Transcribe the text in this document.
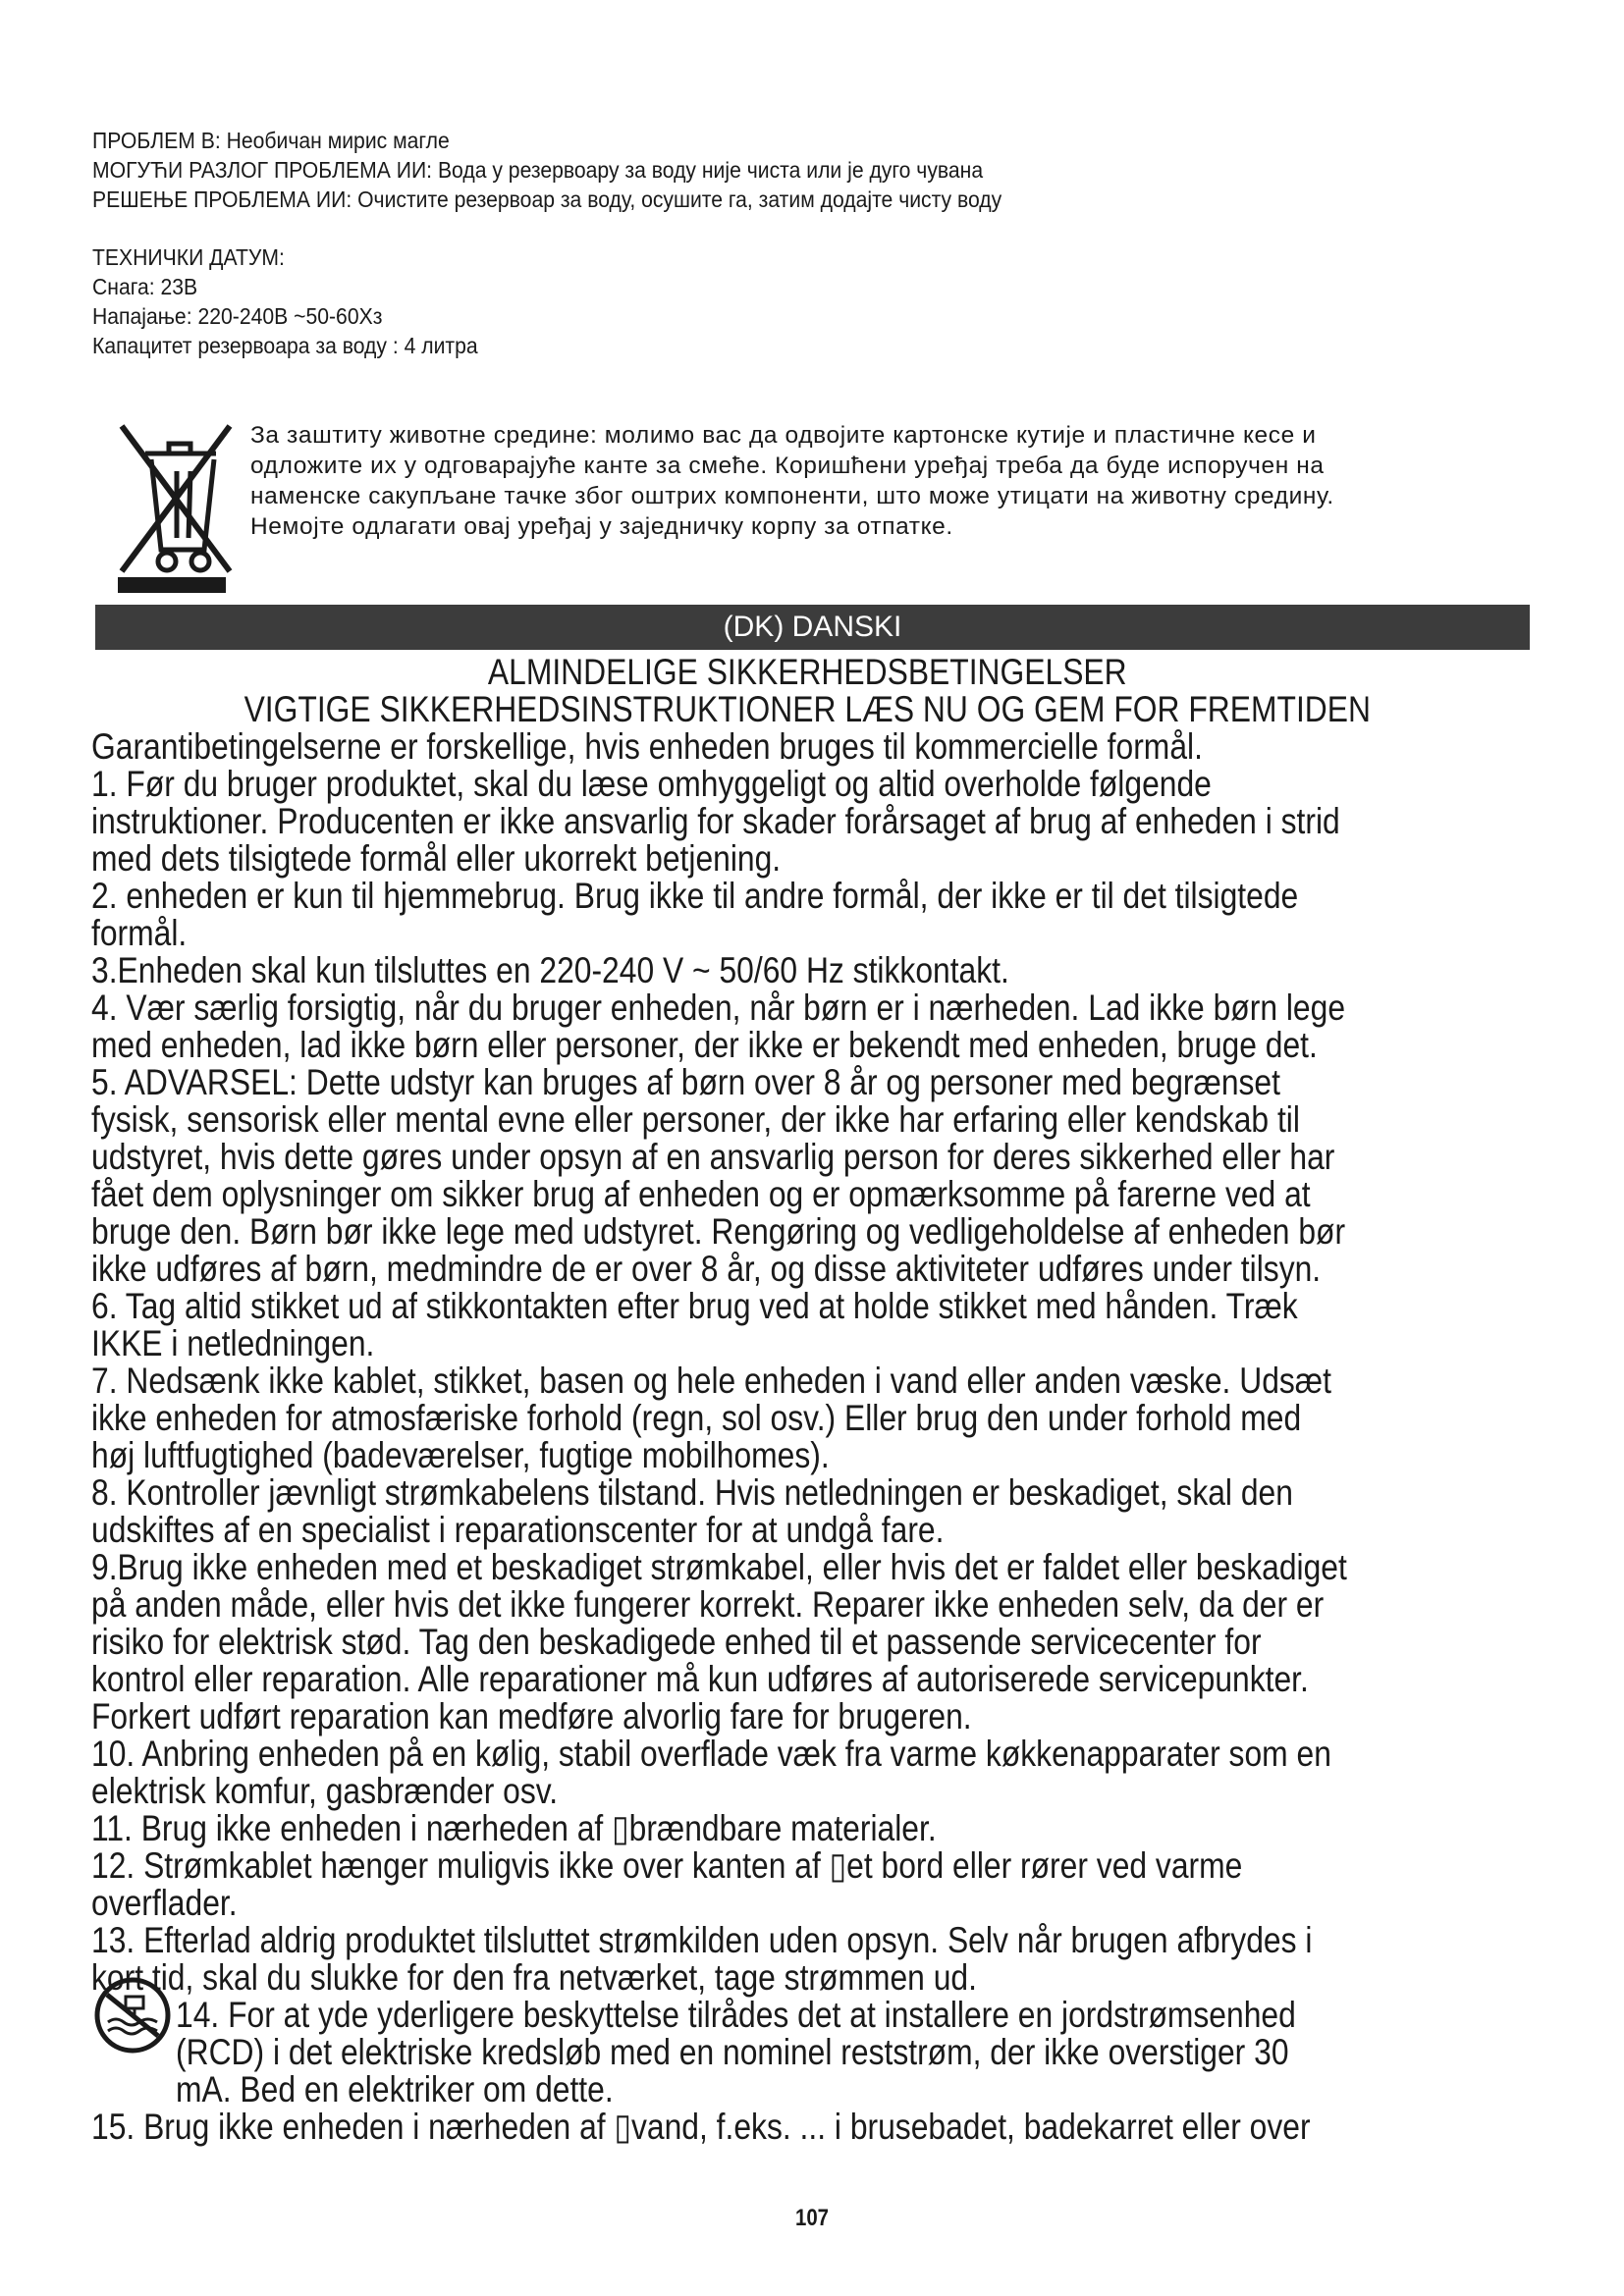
ПРОБЛЕМ B: Необичан мирис магле

МОГУЋИ РАЗЛОГ ПРОБЛЕМА ИИ: Вода у резервоару за воду није чиста или је дуго чувана

РЕШЕЊЕ ПРОБЛЕМА ИИ: Очистите резервоар за воду, осушите га, затим додајте чисту воду

ТЕХНИЧКИ ДАТУМ:

Снага: 23В

Напајање: 220-240В ~50-60Хз

Капацитет резервоара за воду : 4 литра

За заштиту животне средине: молимо вас да одвојите картонске кутије и пластичне кесе и

одложите их у одговарајуће канте за смеће. Коришћени уређај треба да буде испоручен на

наменске сакупљане тачке због оштрих компоненти, што може утицати на животну средину.

Немојте одлагати овај уређај у заједничку корпу за отпатке.

(DK) DANSKI

ALMINDELIGE SIKKERHEDSBETINGELSER

VIGTIGE SIKKERHEDSINSTRUKTIONER LÆS NU OG GEM FOR FREMTIDEN

Garantibetingelserne er forskellige, hvis enheden bruges til kommercielle formål.

1. Før du bruger produktet, skal du læse omhyggeligt og altid overholde følgende

instruktioner. Producenten er ikke ansvarlig for skader forårsaget af brug af enheden i strid

med dets tilsigtede formål eller ukorrekt betjening.

2. enheden er kun til hjemmebrug. Brug ikke til andre formål, der ikke er til det tilsigtede

formål.

3.Enheden skal kun tilsluttes en 220-240 V ~ 50/60 Hz stikkontakt.

4. Vær særlig forsigtig, når du bruger enheden, når børn er i nærheden. Lad ikke børn lege

med enheden, lad ikke børn eller personer, der ikke er bekendt med enheden, bruge det.

5. ADVARSEL: Dette udstyr kan bruges af børn over 8 år og personer med begrænset

fysisk, sensorisk eller mental evne eller personer, der ikke har erfaring eller kendskab til

udstyret, hvis dette gøres under opsyn af en ansvarlig person for deres sikkerhed eller har

fået dem oplysninger om sikker brug af enheden og er opmærksomme på farerne ved at

bruge den. Børn bør ikke lege med udstyret. Rengøring og vedligeholdelse af enheden bør

ikke udføres af børn, medmindre de er over 8 år, og disse aktiviteter udføres under tilsyn.

6. Tag altid stikket ud af stikkontakten efter brug ved at holde stikket med hånden. Træk

IKKE i netledningen.

7. Nedsænk ikke kablet, stikket, basen og hele enheden i vand eller anden væske. Udsæt

ikke enheden for atmosfæriske forhold (regn, sol osv.) Eller brug den under forhold med

høj luftfugtighed (badeværelser, fugtige mobilhomes).

8. Kontroller jævnligt strømkabelens tilstand. Hvis netledningen er beskadiget, skal den

udskiftes af en specialist i reparationscenter for at undgå fare.

9.Brug ikke enheden med et beskadiget strømkabel, eller hvis det er faldet eller beskadiget

på anden måde, eller hvis det ikke fungerer korrekt. Reparer ikke enheden selv, da der er

risiko for elektrisk stød. Tag den beskadigede enhed til et passende servicecenter for

kontrol eller reparation. Alle reparationer må kun udføres af autoriserede servicepunkter.

Forkert udført reparation kan medføre alvorlig fare for brugeren.

10. Anbring enheden på en kølig, stabil overflade væk fra varme køkkenapparater som en

elektrisk komfur, gasbrænder osv.

11. Brug ikke enheden i nærheden af ▯brændbare materialer.

12. Strømkablet hænger muligvis ikke over kanten af ▯et bord eller rører ved varme

overflader.

13. Efterlad aldrig produktet tilsluttet strømkilden uden opsyn. Selv når brugen afbrydes i

kort tid, skal du slukke for den fra netværket, tage strømmen ud.

14. For at yde yderligere beskyttelse tilrådes det at installere en jordstrømsenhed

(RCD) i det elektriske kredsløb med en nominel reststrøm, der ikke overstiger 30

mA. Bed en elektriker om dette.

15. Brug ikke enheden i nærheden af ▯vand, f.eks. ... i brusebadet, badekarret eller over

107
